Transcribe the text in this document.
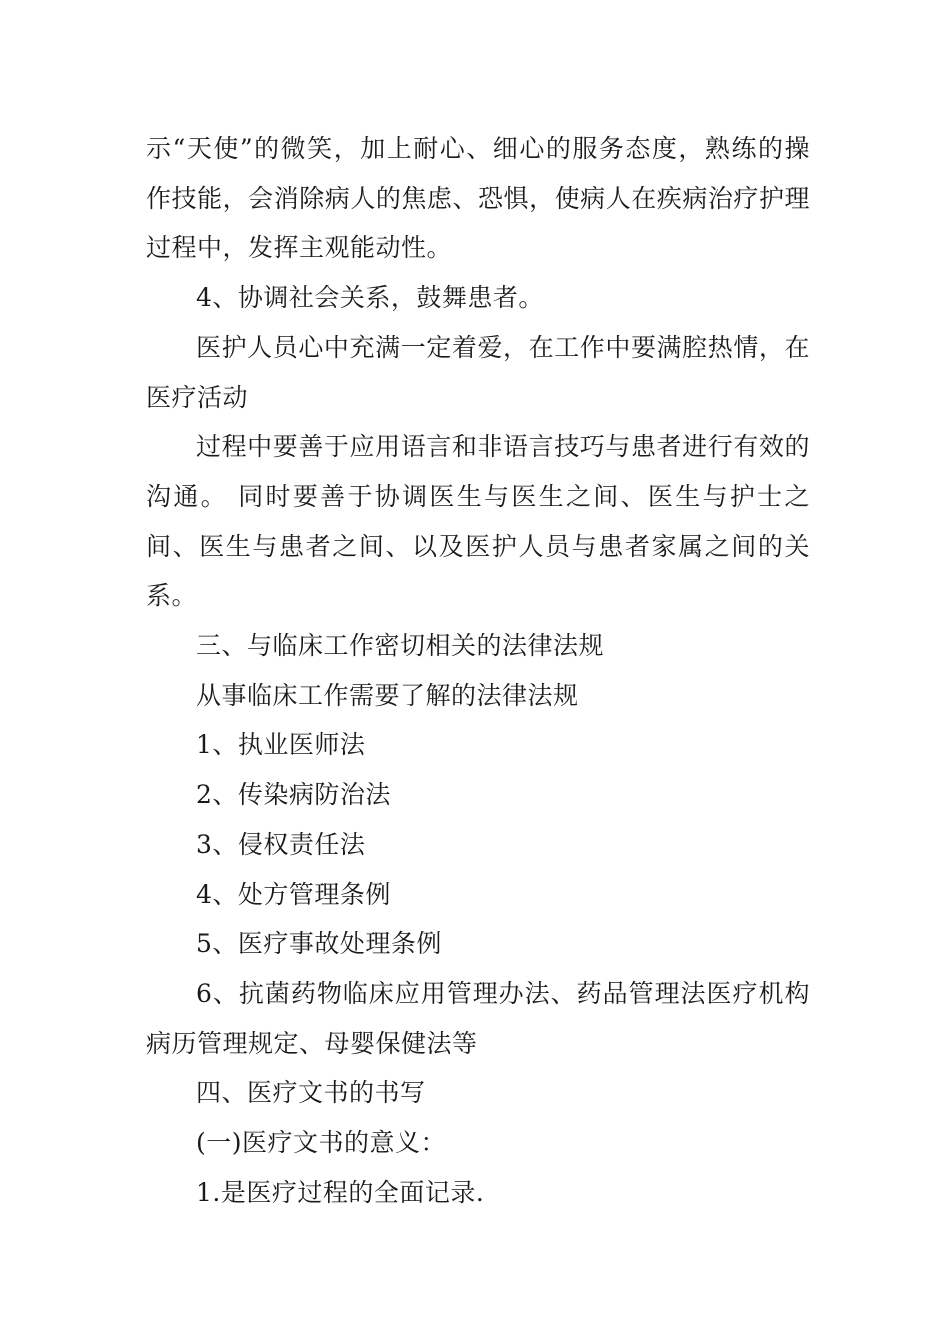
示“天使”的微笑，加上耐心、细心的服务态度，熟练的操作技能，会消除病人的焦虑、恐惧，使病人在疾病治疗护理过程中，发挥主观能动性。

4、协调社会关系，鼓舞患者。

医护人员心中充满一定着爱，在工作中要满腔热情，在医疗活动

过程中要善于应用语言和非语言技巧与患者进行有效的沟通。 同时要善于协调医生与医生之间、医生与护士之间、医生与患者之间、以及医护人员与患者家属之间的关系。

三、与临床工作密切相关的法律法规

从事临床工作需要了解的法律法规

1、执业医师法

2、传染病防治法

3、侵权责任法

4、处方管理条例

5、医疗事故处理条例

6、抗菌药物临床应用管理办法、药品管理法医疗机构病历管理规定、母婴保健法等

四、医疗文书的书写

(一)医疗文书的意义：

1.是医疗过程的全面记录.
